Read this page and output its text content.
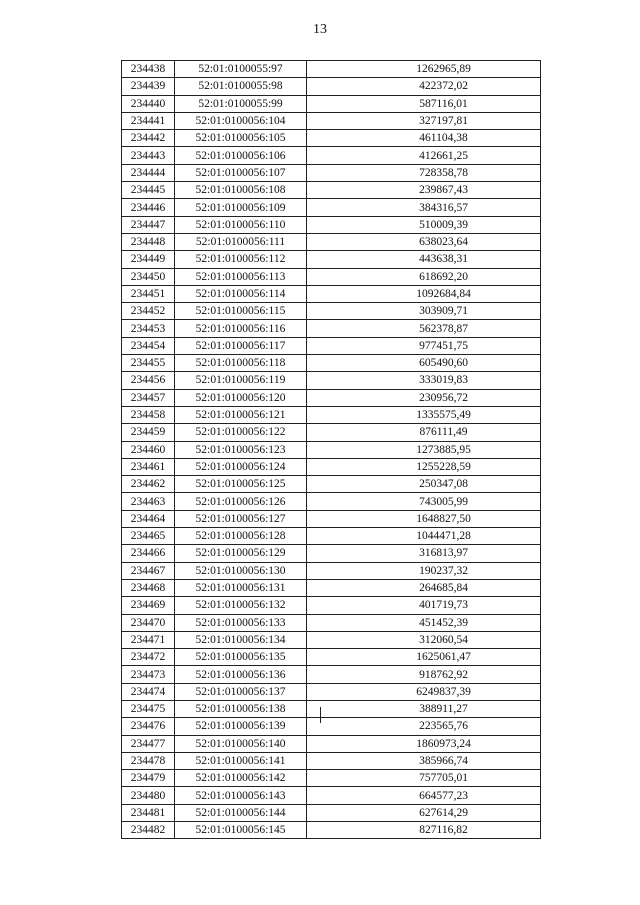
13
234438	52:01:0100055:97	1262965,89
234439	52:01:0100055:98	422372,02
234440	52:01:0100055:99	587116,01
234441	52:01:0100056:104	327197,81
234442	52:01:0100056:105	461104,38
234443	52:01:0100056:106	412661,25
234444	52:01:0100056:107	728358,78
234445	52:01:0100056:108	239867,43
234446	52:01:0100056:109	384316,57
234447	52:01:0100056:110	510009,39
234448	52:01:0100056:111	638023,64
234449	52:01:0100056:112	443638,31
234450	52:01:0100056:113	618692,20
234451	52:01:0100056:114	1092684,84
234452	52:01:0100056:115	303909,71
234453	52:01:0100056:116	562378,87
234454	52:01:0100056:117	977451,75
234455	52:01:0100056:118	605490,60
234456	52:01:0100056:119	333019,83
234457	52:01:0100056:120	230956,72
234458	52:01:0100056:121	1335575,49
234459	52:01:0100056:122	876111,49
234460	52:01:0100056:123	1273885,95
234461	52:01:0100056:124	1255228,59
234462	52:01:0100056:125	250347,08
234463	52:01:0100056:126	743005,99
234464	52:01:0100056:127	1648827,50
234465	52:01:0100056:128	1044471,28
234466	52:01:0100056:129	316813,97
234467	52:01:0100056:130	190237,32
234468	52:01:0100056:131	264685,84
234469	52:01:0100056:132	401719,73
234470	52:01:0100056:133	451452,39
234471	52:01:0100056:134	312060,54
234472	52:01:0100056:135	1625061,47
234473	52:01:0100056:136	918762,92
234474	52:01:0100056:137	6249837,39
234475	52:01:0100056:138	388911,27
234476	52:01:0100056:139	223565,76
234477	52:01:0100056:140	1860973,24
234478	52:01:0100056:141	385966,74
234479	52:01:0100056:142	757705,01
234480	52:01:0100056:143	664577,23
234481	52:01:0100056:144	627614,29
234482	52:01:0100056:145	827116,82
